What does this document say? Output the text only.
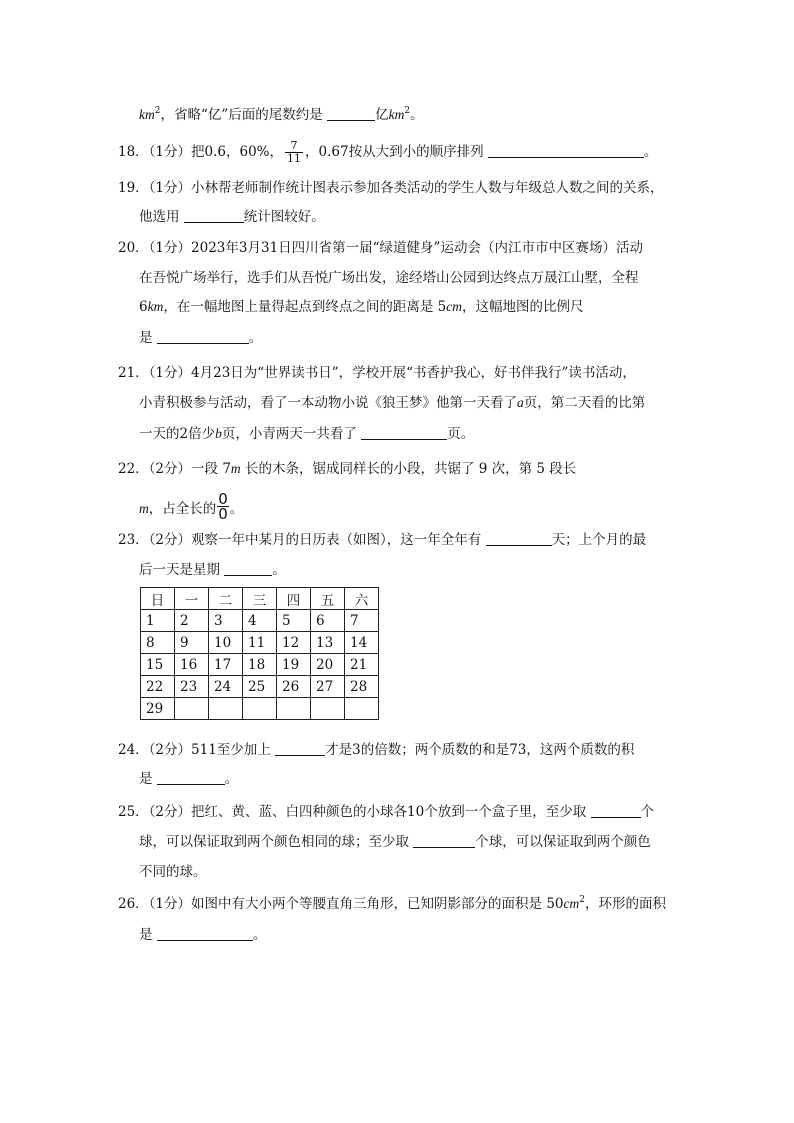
$km^2$，省略“亿”后面的尾数约是	亿$km^2$。
18．（1分）把0.6，60%， $\frac{7}{11}$ ，0.67按从大到小的顺序排列	。
19．（1分）小林帮老师制作统计图表示参加各类活动的学生人数与年级总人数之间的关系，
他选用	统计图较好。
20．（1分）2023年3月31日四川省第一届“绿道健身”运动会（内江市市中区赛场）活动
在吾悦广场举行，选手们从吾悦广场出发，途经塔山公园到达终点万晟江山墅，全程
6km，在一幅地图上量得起点到终点之间的距离是 5cm，这幅地图的比例尺
是	。
21．（1分）4月23日为“世界读书日”，学校开展“书香护我心，好书伴我行”读书活动，
小青积极参与活动，看了一本动物小说《狼王梦》他第一天看了a页，第二天看的比第
一天的2倍少b页，小青两天一共看了	页。
22．（2分）一段 7m 长的木条，锯成同样长的小段，共锯了 9 次，第 5 段长
m，占全长的 $\frac{0}{0}$ 。
23．（2分）观察一年中某月的日历表（如图），这一年全年有	天；上个月的最
后一天是星期	。
日	一	二	三	四	五	六
1	2	3	4	5	6	7
8	9	10	11	12	13	14
15	16	17	18	19	20	21
22	23	24	25	26	27	28
29						
24．（2分）511至少加上	才是3的倍数；两个质数的和是73，这两个质数的积
是	。
25．（2分）把红、黄、蓝、白四种颜色的小球各10个放到一个盒子里，至少取	个
球，可以保证取到两个颜色相同的球；至少取	个球，可以保证取到两个颜色
不同的球。
26．（1分）如图中有大小两个等腰直角三角形，已知阴影部分的面积是 $50cm^2$，环形的面积
是	。
